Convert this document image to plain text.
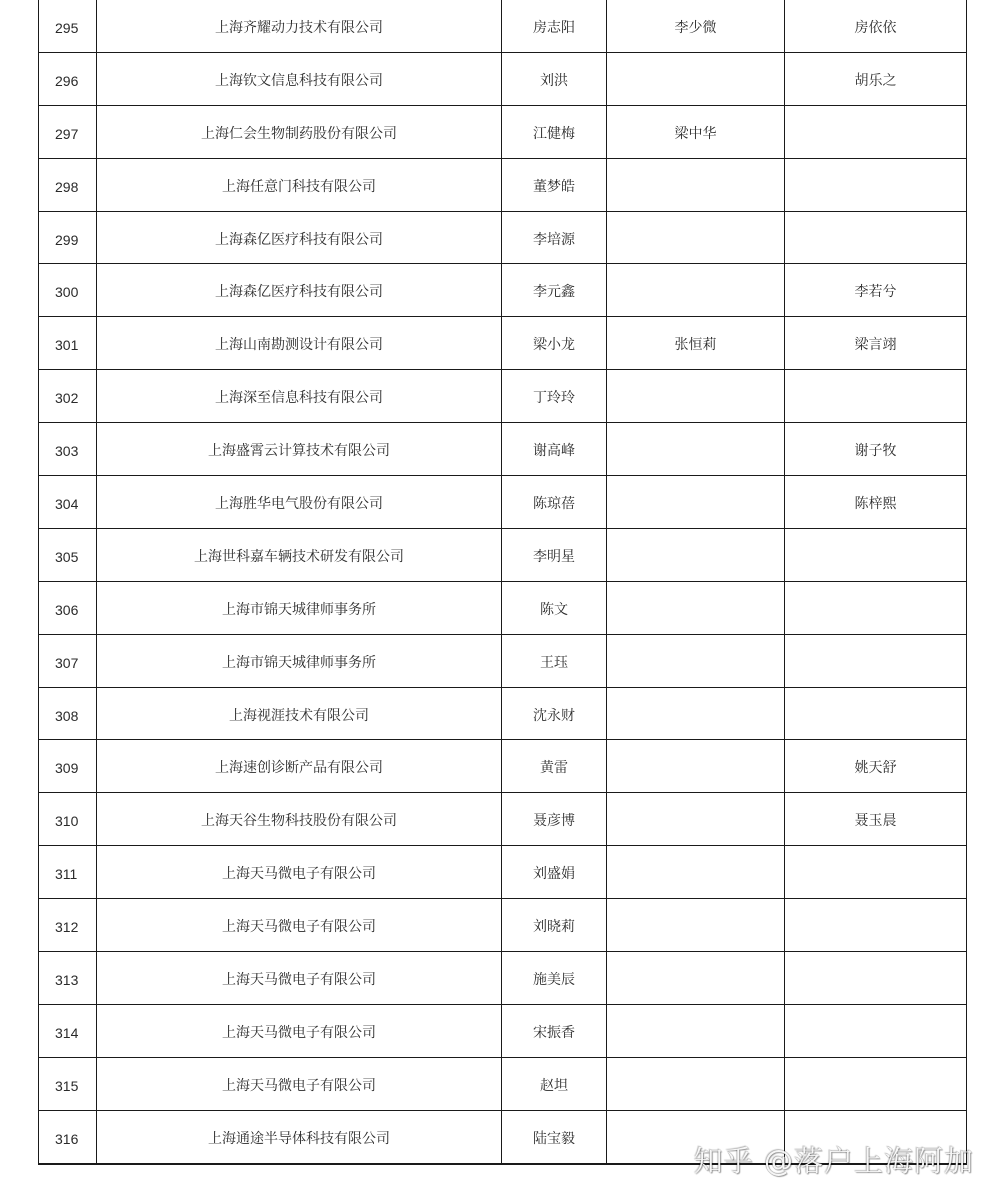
295	上海齐耀动力技术有限公司	房志阳	李少微	房依依

296	上海钦文信息科技有限公司	刘洪		胡乐之

297	上海仁会生物制药股份有限公司	江健梅	梁中华	

298	上海任意门科技有限公司	董梦皓		

299	上海森亿医疗科技有限公司	李培源		

300	上海森亿医疗科技有限公司	李元鑫		李若兮

301	上海山南勘测设计有限公司	梁小龙	张恒莉	梁言翊

302	上海深至信息科技有限公司	丁玲玲		

303	上海盛霄云计算技术有限公司	谢高峰		谢子牧

304	上海胜华电气股份有限公司	陈琼蓓		陈梓熙

305	上海世科嘉车辆技术研发有限公司	李明星		

306	上海市锦天城律师事务所	陈文		

307	上海市锦天城律师事务所	王珏		

308	上海视涯技术有限公司	沈永财		

309	上海速创诊断产品有限公司	黄雷		姚天舒

310	上海天谷生物科技股份有限公司	聂彦博		聂玉晨

311	上海天马微电子有限公司	刘盛娟		

312	上海天马微电子有限公司	刘晓莉		

313	上海天马微电子有限公司	施美辰		

314	上海天马微电子有限公司	宋振香		

315	上海天马微电子有限公司	赵坦		

316	上海通途半导体科技有限公司	陆宝毅		

知乎 @落户上海阿加
